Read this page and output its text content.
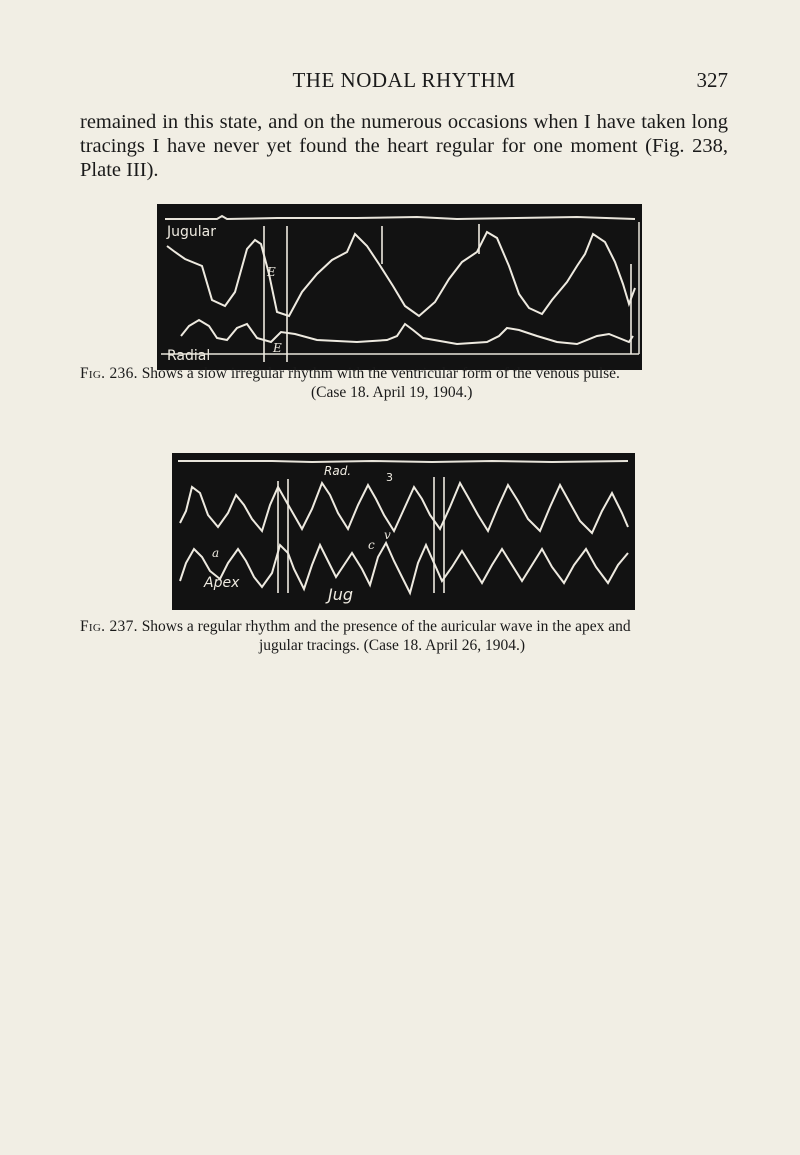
THE NODAL RHYTHM	327

remained in this state, and on the numerous occasions when I have taken long tracings I have never yet found the heart regular for one moment (Fig. 238, Plate III).

Jugular
Radial
E
E

Fig. 236. Shows a slow irregular rhythm with the ventricular form of the venous pulse.
(Case 18. April 19, 1904.)

Apex
Jug
Rad.
a
c
v
3

Fig. 237. Shows a regular rhythm and the presence of the auricular wave in the apex and
jugular tracings. (Case 18. April 26, 1904.)
